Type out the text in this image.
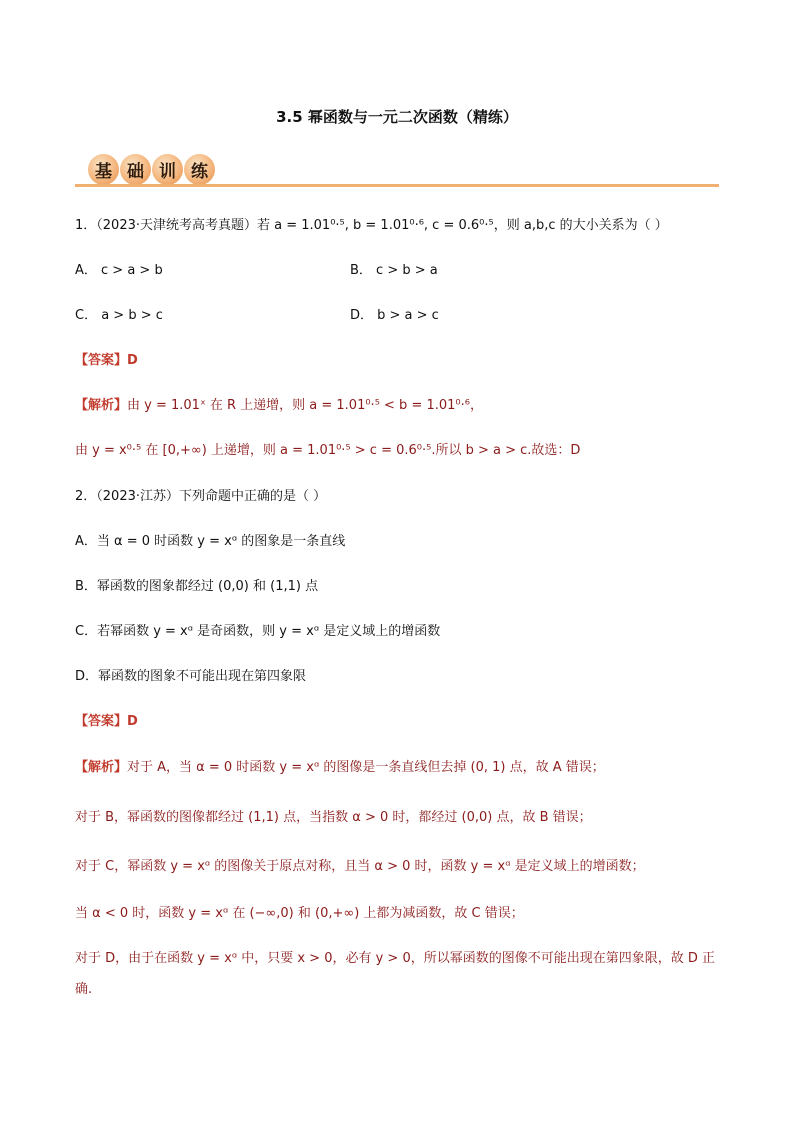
3.5 幂函数与一元二次函数（精练）
基 础 训 练
1．（2023·天津统考高考真题）若 a = 1.01⁰·⁵, b = 1.01⁰·⁶, c = 0.6⁰·⁵，则 a,b,c 的大小关系为（ ）
A． c > a > b	B． c > b > a
C． a > b > c	D． b > a > c
【答案】D
【解析】由 y = 1.01ˣ 在 R 上递增，则 a = 1.01⁰·⁵ < b = 1.01⁰·⁶，
由 y = x⁰·⁵ 在 [0,+∞) 上递增，则 a = 1.01⁰·⁵ > c = 0.6⁰·⁵.所以 b > a > c.故选：D
2．（2023·江苏）下列命题中正确的是（ ）
A．当 α = 0 时函数 y = xᵅ 的图象是一条直线
B．幂函数的图象都经过 (0,0) 和 (1,1) 点
C．若幂函数 y = xᵅ 是奇函数，则 y = xᵅ 是定义域上的增函数
D．幂函数的图象不可能出现在第四象限
【答案】D
【解析】对于 A，当 α = 0 时函数 y = xᵅ 的图像是一条直线但去掉 (0, 1) 点，故 A 错误；
对于 B，幂函数的图像都经过 (1,1) 点，当指数 α > 0 时，都经过 (0,0) 点，故 B 错误；
对于 C，幂函数 y = xᵅ 的图像关于原点对称，且当 α > 0 时，函数 y = xᵅ 是定义域上的增函数；
当 α < 0 时，函数 y = xᵅ 在 (−∞,0) 和 (0,+∞) 上都为减函数，故 C 错误；
对于 D，由于在函数 y = xᵅ 中，只要 x > 0，必有 y > 0，所以幂函数的图像不可能出现在第四象限，故 D 正
确.
